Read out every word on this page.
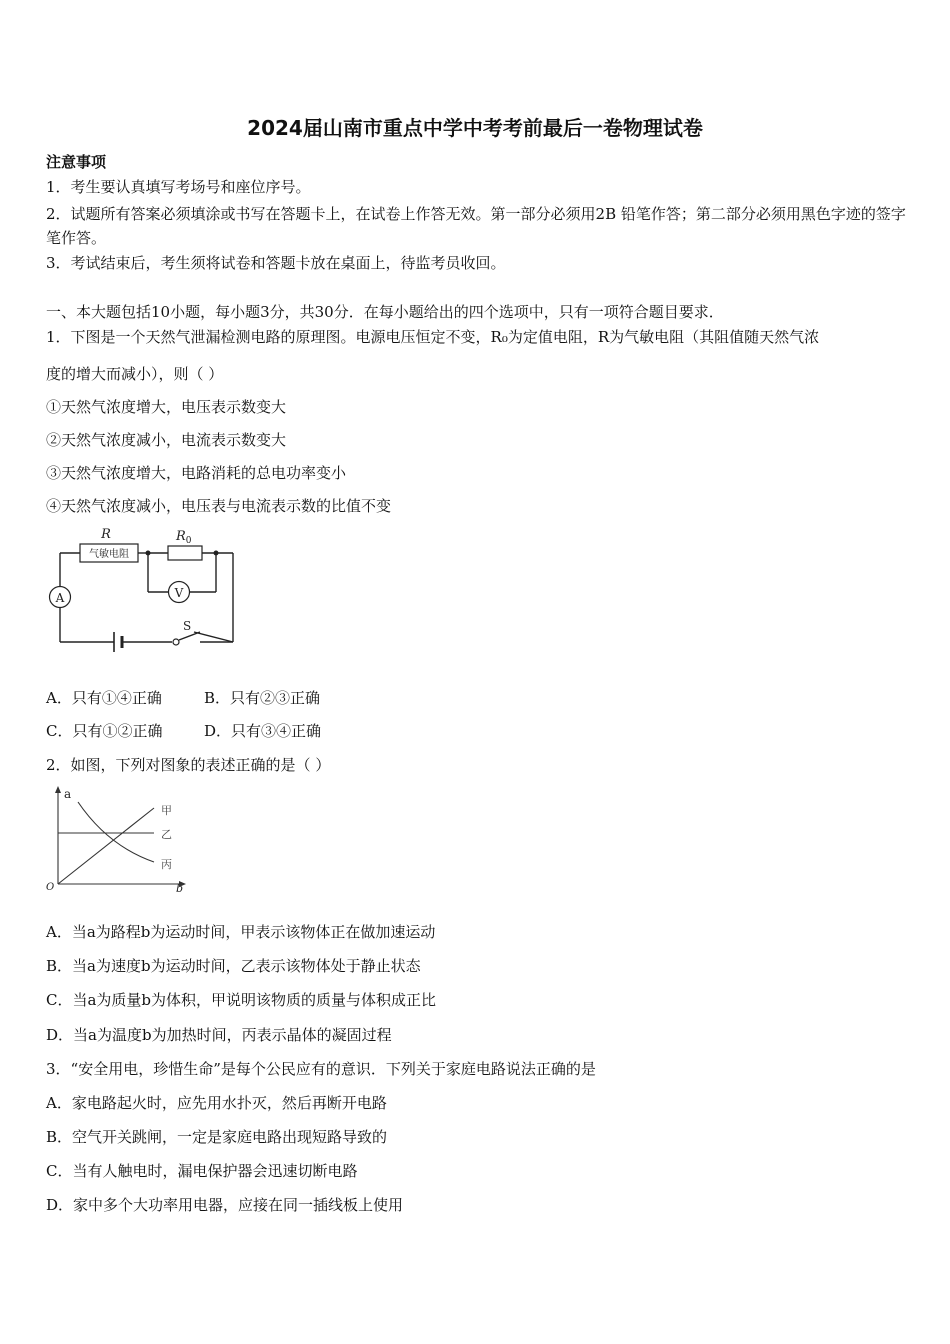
2024届山南市重点中学中考考前最后一卷物理试卷
注意事项
1．考生要认真填写考场号和座位序号。
2．试题所有答案必须填涂或书写在答题卡上，在试卷上作答无效。第一部分必须用2B 铅笔作答；第二部分必须用黑色字迹的签字笔作答。
3．考试结束后，考生须将试卷和答题卡放在桌面上，待监考员收回。
一、本大题包括10小题，每小题3分，共30分．在每小题给出的四个选项中，只有一项符合题目要求．
1．下图是一个天然气泄漏检测电路的原理图。电源电压恒定不变，R₀为定值电阻，R为气敏电阻（其阻值随天然气浓
度的增大而减小），则（ ）
①天然气浓度增大，电压表示数变大
②天然气浓度减小，电流表示数变大
③天然气浓度增大，电路消耗的总电功率变小
④天然气浓度减小，电压表与电流表示数的比值不变
气敏电阻
R	$R_0$
V
A
S
A．只有①④正确	B．只有②③正确
C．只有①②正确	D．只有③④正确
2．如图，下列对图象的表述正确的是（ ）
a
b
O
甲
乙
丙
A．当a为路程b为运动时间，甲表示该物体正在做加速运动
B．当a为速度b为运动时间，乙表示该物体处于静止状态
C．当a为质量b为体积，甲说明该物质的质量与体积成正比
D．当a为温度b为加热时间，丙表示晶体的凝固过程
3．“安全用电，珍惜生命”是每个公民应有的意识．下列关于家庭电路说法正确的是
A．家电路起火时，应先用水扑灭，然后再断开电路
B．空气开关跳闸，一定是家庭电路出现短路导致的
C．当有人触电时，漏电保护器会迅速切断电路
D．家中多个大功率用电器，应接在同一插线板上使用
